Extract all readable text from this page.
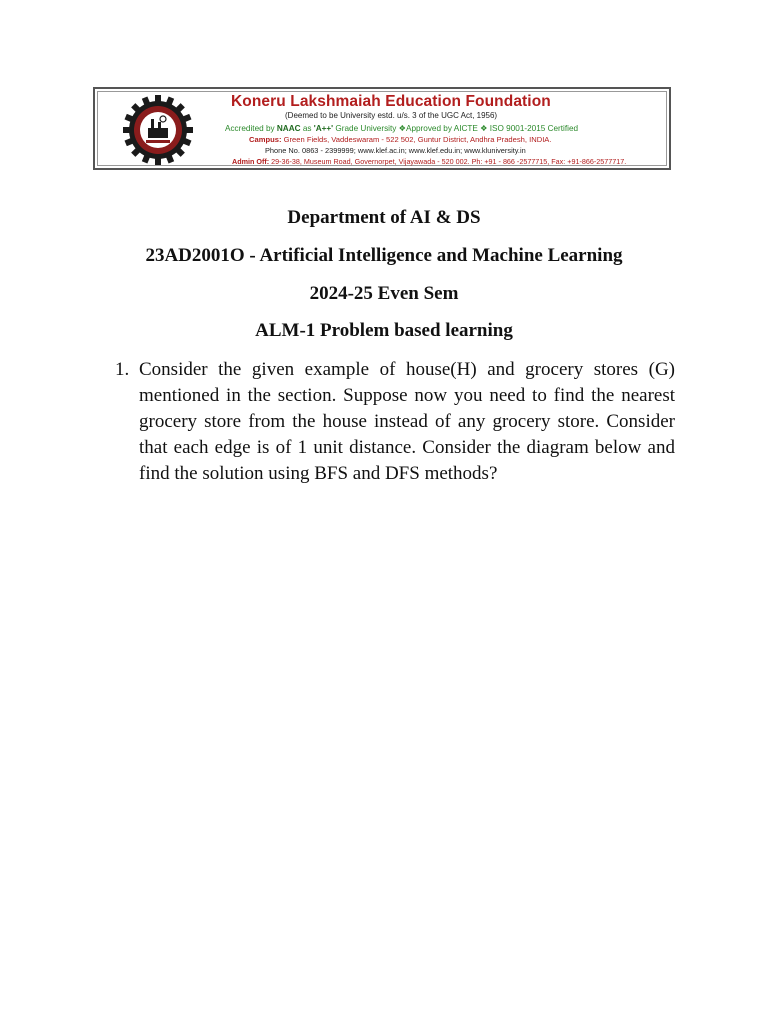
Koneru Lakshmaiah Education Foundation
(Deemed to be University estd. u/s. 3 of the UGC Act, 1956)
Accredited by NAAC as 'A++' Grade University ❖Approved by AICTE ❖ ISO 9001-2015 Certified
Campus: Green Fields, Vaddeswaram - 522 502, Guntur District, Andhra Pradesh, INDIA.
Phone No. 0863 - 2399999; www.klef.ac.in; www.klef.edu.in; www.kluniversity.in
Admin Off: 29-36-38, Museum Road, Governorpet, Vijayawada - 520 002. Ph: +91 - 866 -2577715, Fax: +91-866-2577717.
Department of AI & DS
23AD2001O - Artificial Intelligence and Machine Learning
2024-25 Even Sem
ALM-1 Problem based learning
1. Consider the given example of house(H) and grocery stores (G) mentioned in the section. Suppose now you need to find the nearest grocery store from the house instead of any grocery store. Consider that each edge is of 1 unit distance. Consider the diagram below and find the solution using BFS and DFS methods?
